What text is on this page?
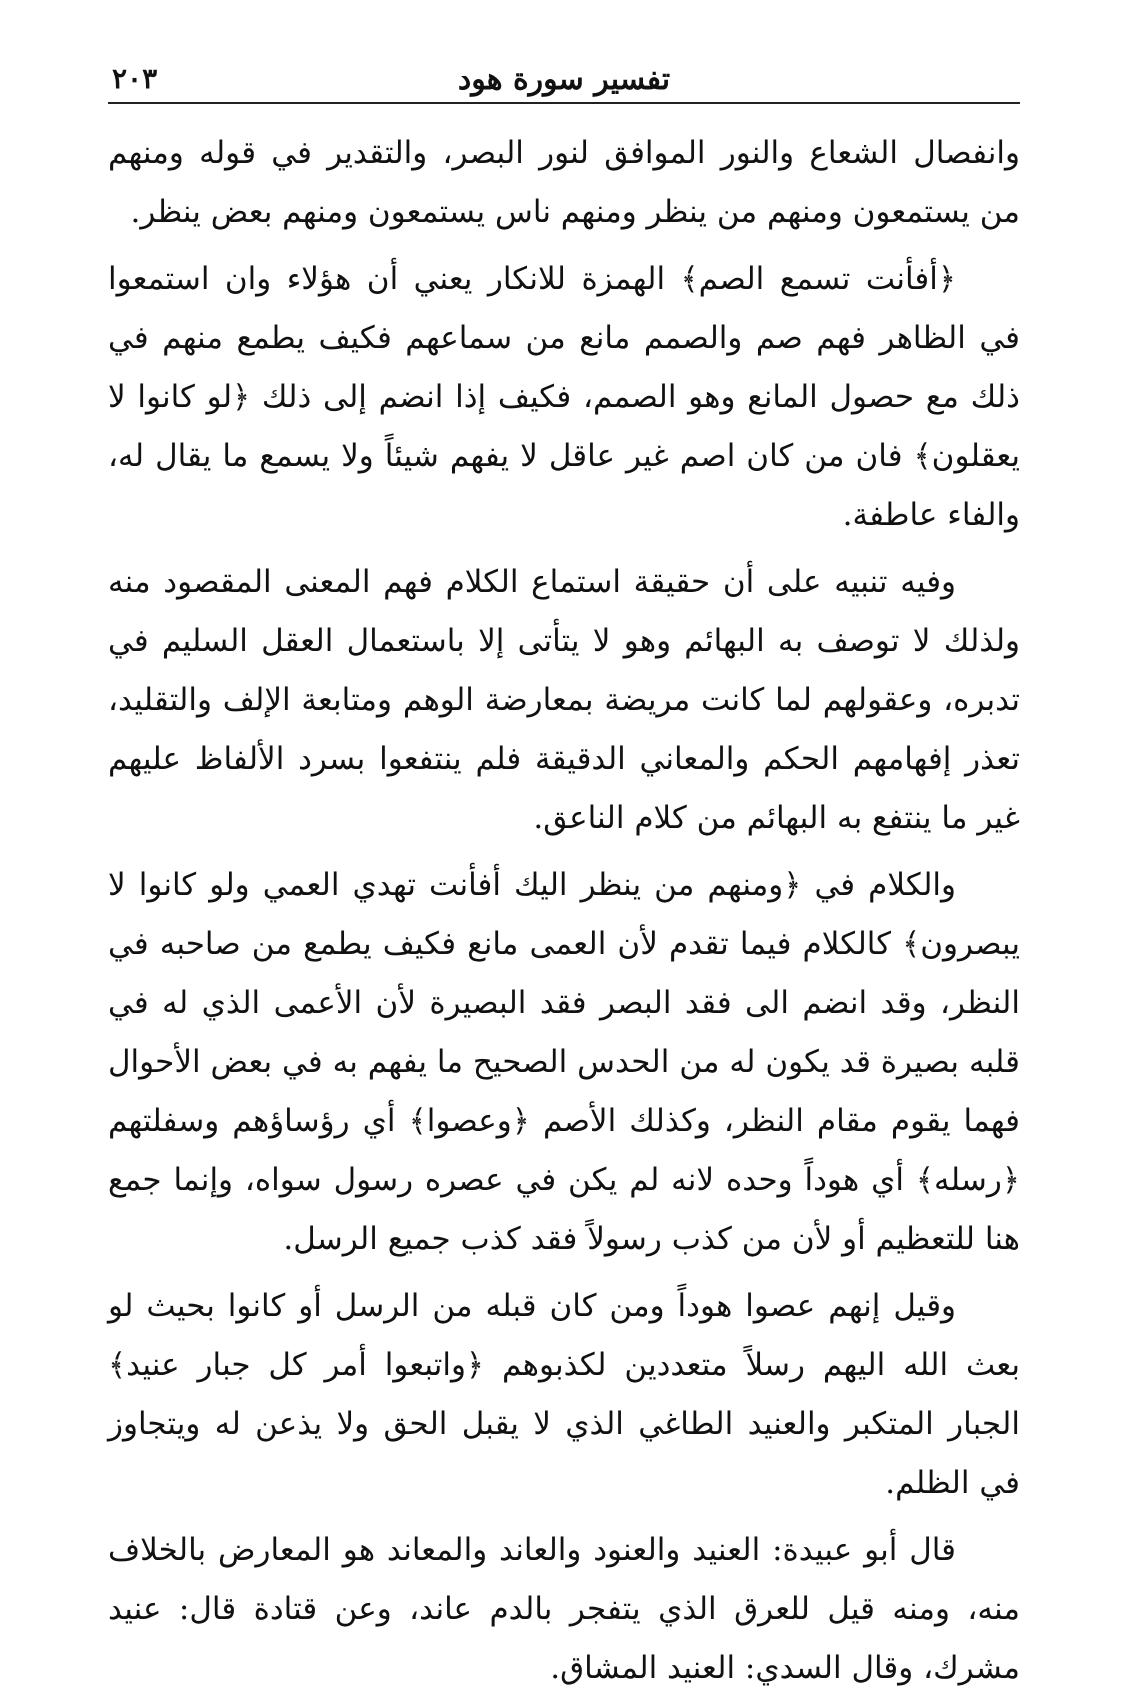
تفسير سورة هود
٢٠٣

وانفصال الشعاع والنور الموافق لنور البصر، والتقدير في قوله ومنهم من يستمعون ومنهم من ينظر ومنهم ناس يستمعون ومنهم بعض ينظر.

﴿أفأنت تسمع الصم﴾ الهمزة للانكار يعني أن هؤلاء وان استمعوا في الظاهر فهم صم والصمم مانع من سماعهم فكيف يطمع منهم في ذلك مع حصول المانع وهو الصمم، فكيف إذا انضم إلى ذلك ﴿لو كانوا لا يعقلون﴾ فان من كان اصم غير عاقل لا يفهم شيئاً ولا يسمع ما يقال له، والفاء عاطفة.

وفيه تنبيه على أن حقيقة استماع الكلام فهم المعنى المقصود منه ولذلك لا توصف به البهائم وهو لا يتأتى إلا باستعمال العقل السليم في تدبره، وعقولهم لما كانت مريضة بمعارضة الوهم ومتابعة الإلف والتقليد، تعذر إفهامهم الحكم والمعاني الدقيقة فلم ينتفعوا بسرد الألفاظ عليهم غير ما ينتفع به البهائم من كلام الناعق.

والكلام في ﴿ومنهم من ينظر اليك أفأنت تهدي العمي ولو كانوا لا يبصرون﴾ كالكلام فيما تقدم لأن العمى مانع فكيف يطمع من صاحبه في النظر، وقد انضم الى فقد البصر فقد البصيرة لأن الأعمى الذي له في قلبه بصيرة قد يكون له من الحدس الصحيح ما يفهم به في بعض الأحوال فهما يقوم مقام النظر، وكذلك الأصم ﴿وعصوا﴾ أي رؤساؤهم وسفلتهم ﴿رسله﴾ أي هوداً وحده لانه لم يكن في عصره رسول سواه، وإنما جمع هنا للتعظيم أو لأن من كذب رسولاً فقد كذب جميع الرسل.

وقيل إنهم عصوا هوداً ومن كان قبله من الرسل أو كانوا بحيث لو بعث الله اليهم رسلاً متعددين لكذبوهم ﴿واتبعوا أمر كل جبار عنيد﴾ الجبار المتكبر والعنيد الطاغي الذي لا يقبل الحق ولا يذعن له ويتجاوز في الظلم.

قال أبو عبيدة: العنيد والعنود والعاند والمعاند هو المعارض بالخلاف منه، ومنه قيل للعرق الذي يتفجر بالدم عاند، وعن قتادة قال: عنيد مشرك، وقال السدي: العنيد المشاق.
